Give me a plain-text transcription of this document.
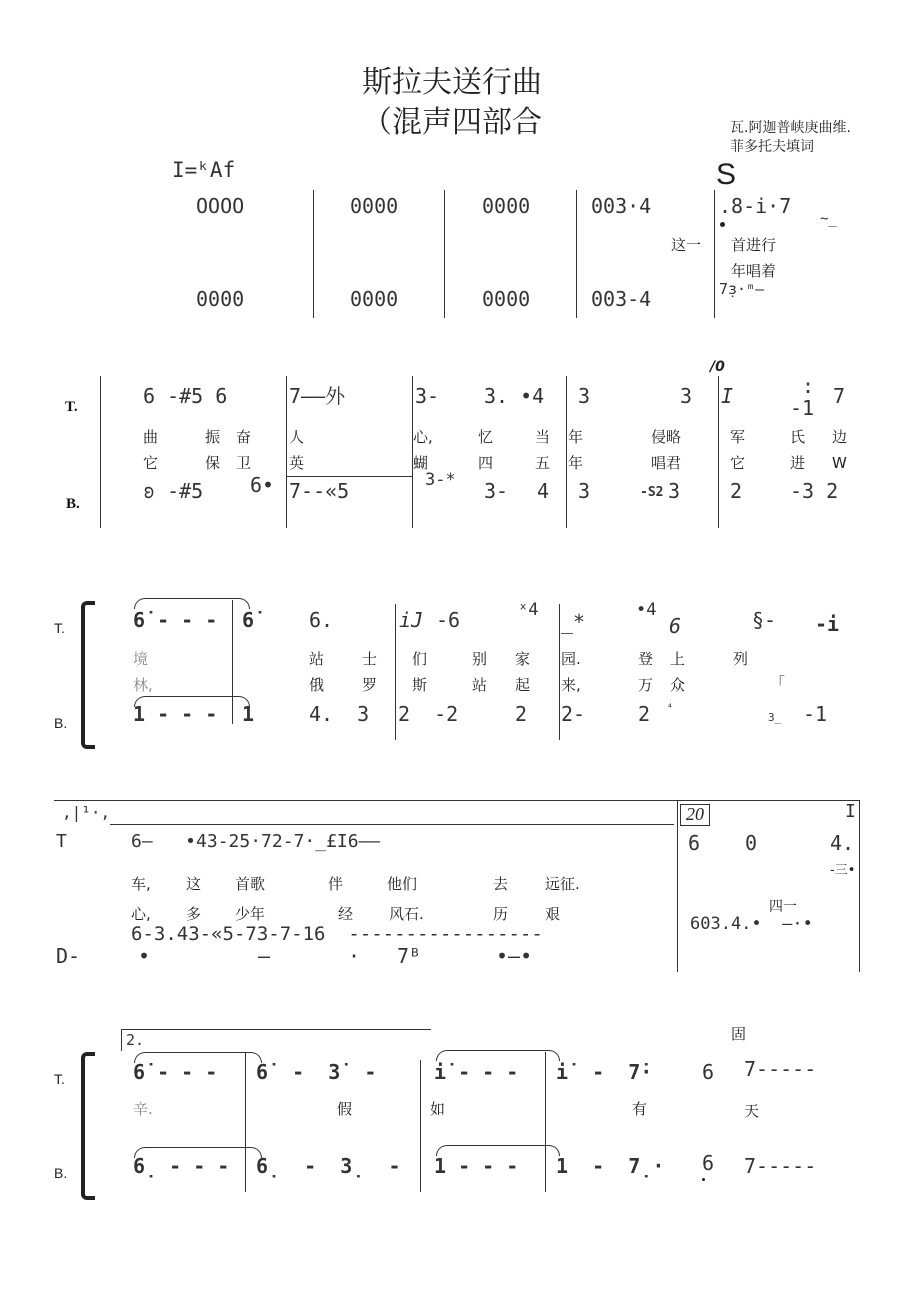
斯拉夫送行曲
（混声四部合	瓦.阿迦普峡庚曲维.
菲多托夫填词
I=ᵏAf	S
OOOO	0000	0000	003·4	.8-i·7
~_
这一 首进行
年唱着
0000	0000	0000	003-4	7̣ɜ·ᵐ—
T.
B.
/0
6 -#5 6	7——外	3- 3. •4 3	3 I	-1
: 7
曲	振 奋	人	心,	忆	当 年	侵略	军	氏 边
它	保 卫	英	蝴	四	五 年	唱君	它	进 W
ʚ -#5 6• 7--«5	3-* 3- 4 3	-S2 3 2 -3 2
T.
B.
6̇ - - - 6̇	6.	iJ -6	ˣ4 _*	•4
6	§- -i
境	站	士 们	别 家 园.	登 上	列
林,	俄	罗 斯	站 起 来,	万 众	「
1 - - - 1	4.  3 2  -2	2 2-	2 ⁴
3_ -1
,|¹·,	20	I
T	6—   •43-25·72-7·_£I6——	6 0	4.
-三•
车, 这 首歌	伴	他们	去 远征.
心, 多 少年	经 风石.	历 艰	四一
6-3.43-«5-73-7-16  -----------------	603.4.•  —·•
D-	•	—	· 7ᴮ	•—•
2.	固
T.
B.
6̇ - - - 6̇  -  3̇  -	i̇ - - - i̇  -  7̇· 6 7-----
辛.	假	如	有	天
6̣ - - - 6̣  -  3̣  - 1 - - - 1  -  7̣· 6 7-----
